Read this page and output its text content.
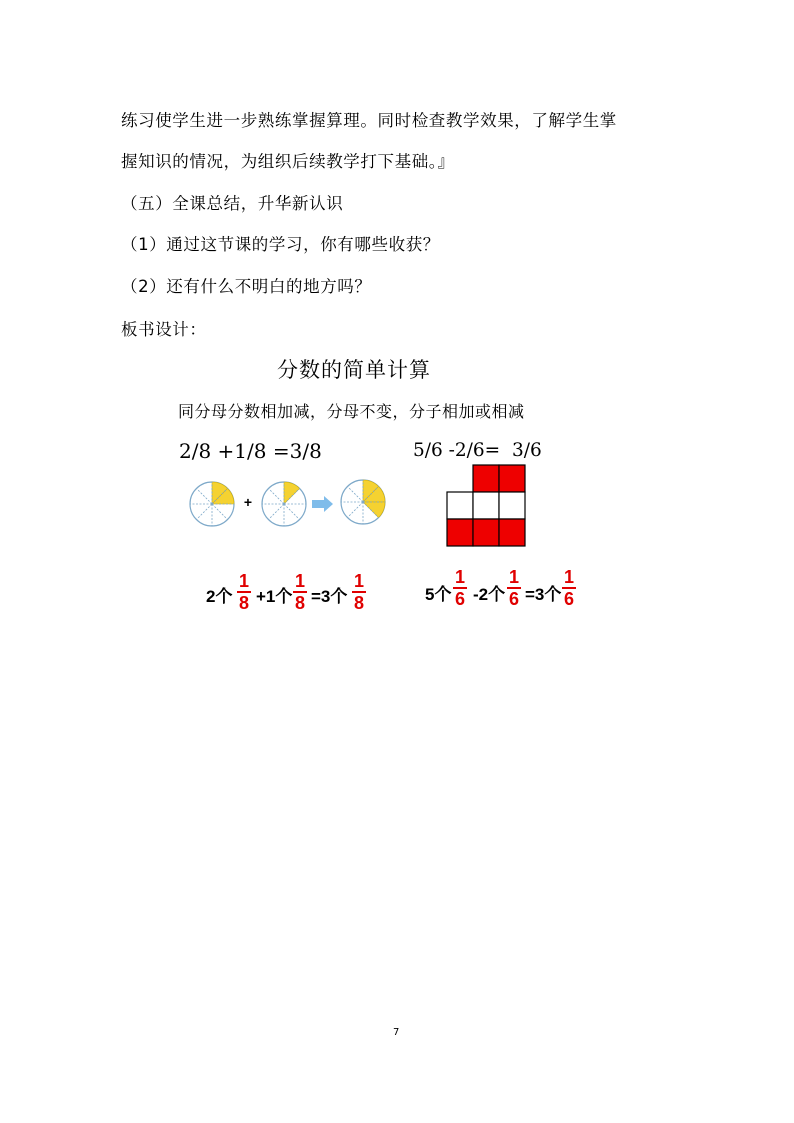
练习使学生进一步熟练掌握算理。同时检查教学效果，了解学生掌
握知识的情况，为组织后续教学打下基础。』
（五）全课总结，升华新认识
（1）通过这节课的学习，你有哪些收获？
（2）还有什么不明白的地方吗？
板书设计：
分数的简单计算
同分母分数相加减，分母不变，分子相加或相减
2/8 +1/8 =3/8	5/6 -2/6=  3/6
+
2个
1
8 +1个
1
8 =3个
1
8	5个
1
6 -2个
1
6 =3个
1
6
7
